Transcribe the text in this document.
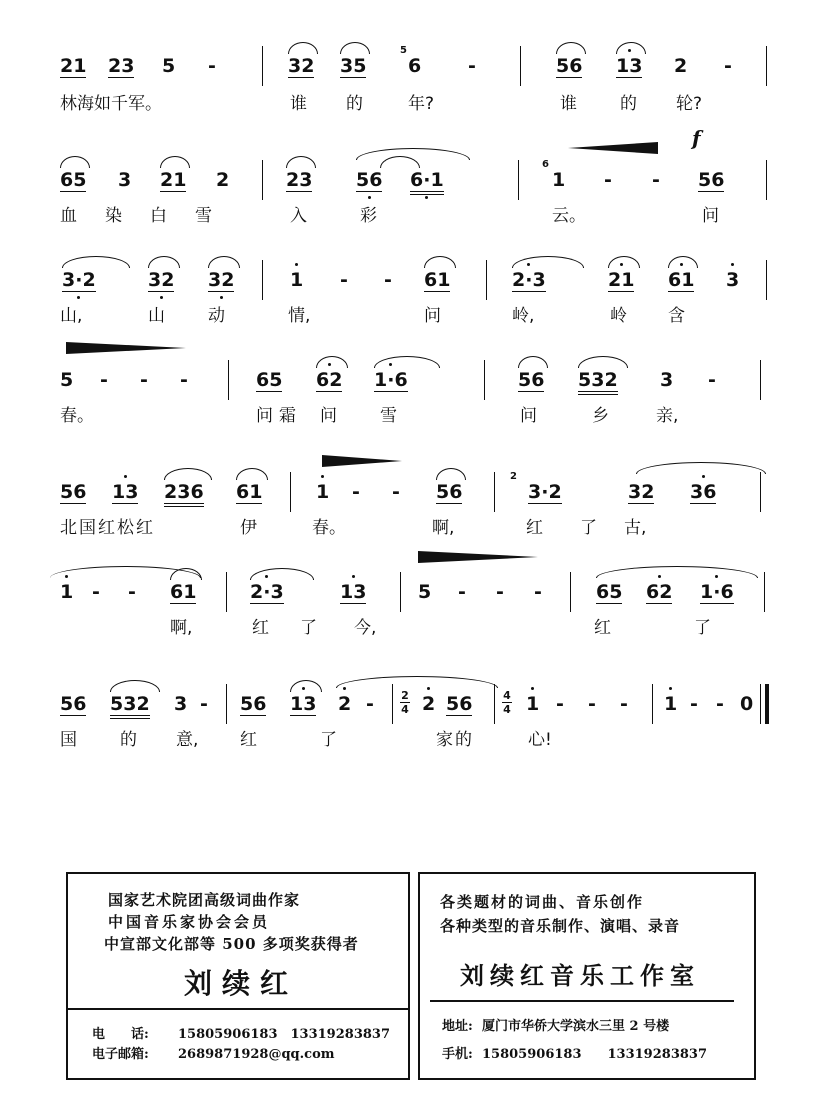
21 23 5 -	32 35
5
6 -	56 13 2 -
林海如千军。	谁 的	年?	谁	的 轮?
65 3 21 2	23 56 6·1
6
1 - - 56
f
血染白雪	入	彩	云。	问
3·2	32 32	1 - - 61	2·3	21 61 3
山,	山	动	情,	问	岭,	岭 含
5 - - -	65 62 1·6	56 532 3 -
春。	问霜 问	雪	问	乡	亲,
56 13 236 61	1 - - 56
2
3·2	32 36
北国红松红	伊	春。	啊,	红 了 古,
1 - - 61	2·3	13	5 - - -	65 62 1·6
啊,	红 了 今,	红	了
56 532 3 - 56 13 2 - 2
4 2 56	4
4 1 - - - 1 - - 0
国	的 意, 红	了	家的	心!
国家艺术院团高级词曲作家
中国音乐家协会会员
中宣部文化部等 500 多项奖获得者
刘续红
电　　话: 15805906183　13319283837
电子邮箱: 2689871928@qq.com
各类题材的词曲、音乐创作
各种类型的音乐制作、演唱、录音
刘续红音乐工作室
地址: 厦门市华侨大学滨水三里 2 号楼
手机: 15805906183　　13319283837
